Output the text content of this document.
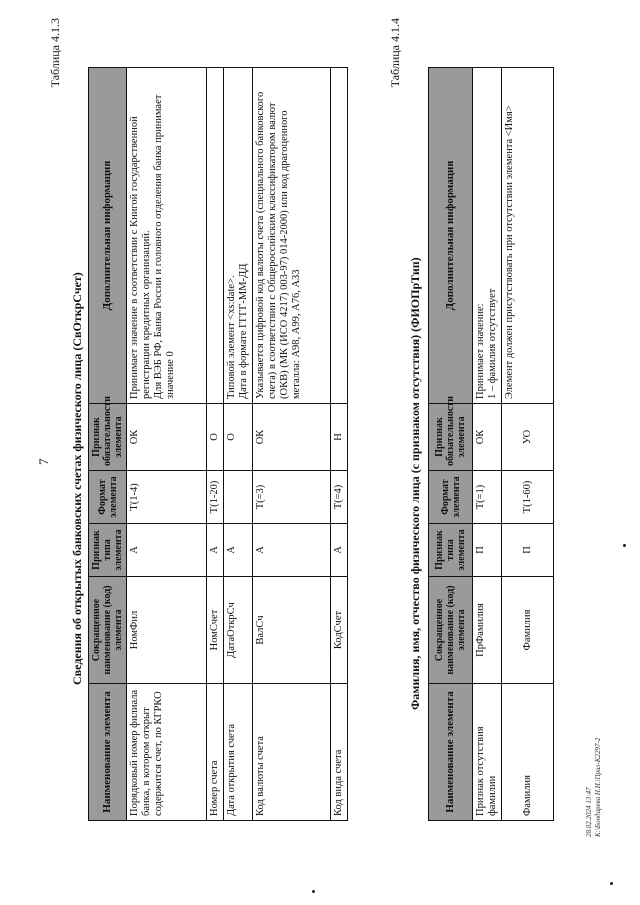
7
Таблица 4.1.3
Сведения об открытых банковских счетах физического лица (СвОткрСчет)
Наименование элемента	Сокращенное наименование (код) элемента	Признак типа элемента	Формат элемента	Признак обязательности элемента	Дополнительная информация
Порядковый номер филиала банка, в котором открыт содержится счет, по КГРКО	НомФил	А	Т(1-4)	ОК	Принимает значение в соответствии с Книгой государственной регистрации кредитных организаций.
Для ВЭБ РФ, Банка России и головного отделения банка принимает значение 0
Номер счета	НомСчет	А	Т(1-20)	О	
Дата открытия счета	ДатаОткрСч	А		О	Типовой элемент <xs:date>.
Дата в формате ГГГГ-ММ-ДД
Код валюты счета	ВалСч	А	Т(=3)	ОК	Указывается цифровой код валюты счета (специального банковского счета) в соответствии с Общероссийским классификатором валют (ОКВ) (МК (ИСО 4217) 003-97) 014-2000) или код драгоценного металла: А98, А99, А76, А33
Код вида счета	КодСчет	А	Т(=4)	Н	
Таблица 4.1.4
Фамилия, имя, отчество физического лица (с признаком отсутствия) (ФИОПрТип)
Наименование элемента	Сокращенное наименование (код) элемента	Признак типа элемента	Формат элемента	Признак обязательности элемента	Дополнительная информация
Признак отсутствия фамилии	ПрФамилия	П	Т(=1)	ОК	Принимает значение:
1 – фамилия отсутствует
Фамилия	Фамилия	П	Т(1-60)	УО	Элемент должен присутствовать при отсутствии элемента <Имя>
28.02.2024 13:47 К:\Бондарева Н.И.\Прил-К2297-2
